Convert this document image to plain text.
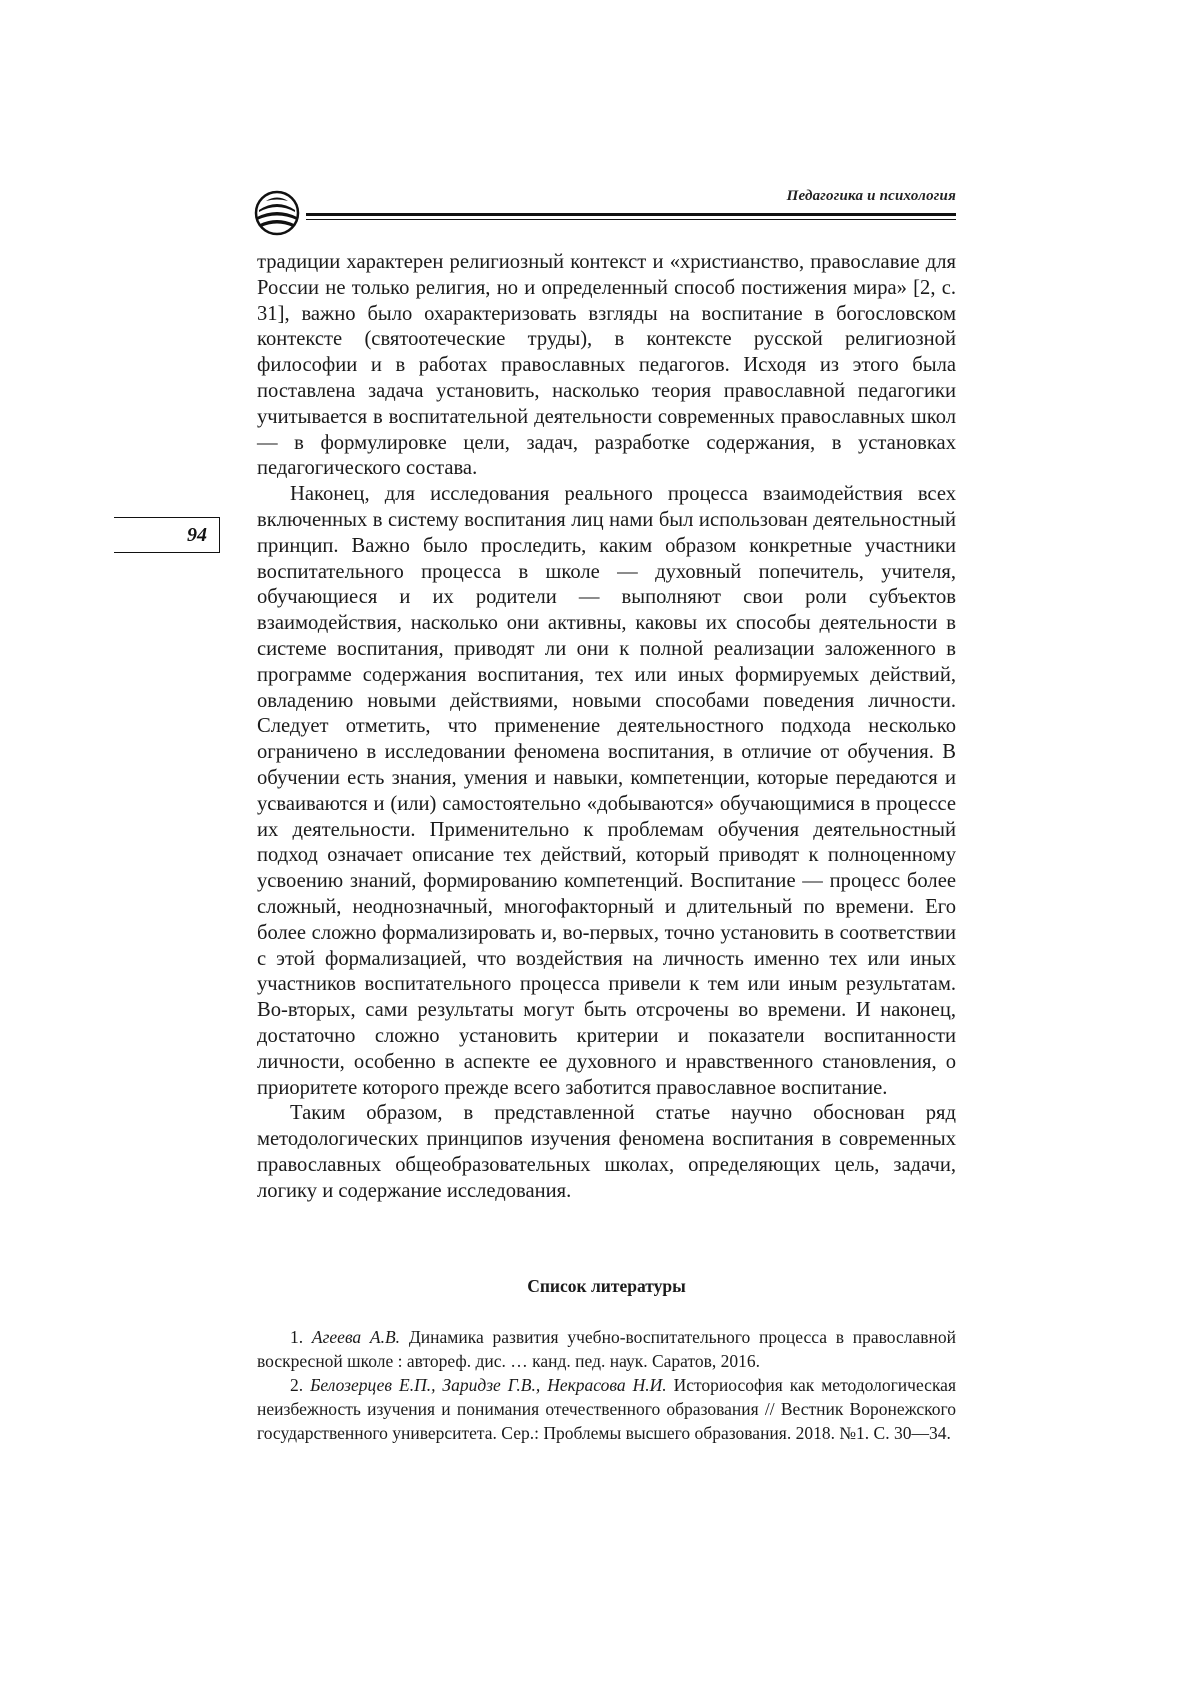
Педагогика и психология
94

традиции характерен религиозный контекст и «христианство, православие для России не только религия, но и определенный способ постижения мира» [2, с. 31], важно было охарактеризовать взгляды на воспитание в богословском контексте (святоотеческие труды), в контексте русской религиозной философии и в работах православных педагогов. Исходя из этого была поставлена задача установить, насколько теория православной педагогики учитывается в воспитательной деятельности современных православных школ — в формулировке цели, задач, разработке содержания, в установках педагогического состава.

Наконец, для исследования реального процесса взаимодействия всех включенных в систему воспитания лиц нами был использован деятельностный принцип. Важно было проследить, каким образом конкретные участники воспитательного процесса в школе — духовный попечитель, учителя, обучающиеся и их родители — выполняют свои роли субъектов взаимодействия, насколько они активны, каковы их способы деятельности в системе воспитания, приводят ли они к полной реализации заложенного в программе содержания воспитания, тех или иных формируемых действий, овладению новыми действиями, новыми способами поведения личности. Следует отметить, что применение деятельностного подхода несколько ограничено в исследовании феномена воспитания, в отличие от обучения. В обучении есть знания, умения и навыки, компетенции, которые передаются и усваиваются и (или) самостоятельно «добываются» обучающимися в процессе их деятельности. Применительно к проблемам обучения деятельностный подход означает описание тех действий, который приводят к полноценному усвоению знаний, формированию компетенций. Воспитание — процесс более сложный, неоднозначный, многофакторный и длительный по времени. Его более сложно формализировать и, во-первых, точно установить в соответствии с этой формализацией, что воздействия на личность именно тех или иных участников воспитательного процесса привели к тем или иным результатам. Во-вторых, сами результаты могут быть отсрочены во времени. И наконец, достаточно сложно установить критерии и показатели воспитанности личности, особенно в аспекте ее духовного и нравственного становления, о приоритете которого прежде всего заботится православное воспитание.

Таким образом, в представленной статье научно обоснован ряд методологических принципов изучения феномена воспитания в современных православных общеобразовательных школах, определяющих цель, задачи, логику и содержание исследования.

Список литературы

1. Агеева А.В. Динамика развития учебно-воспитательного процесса в православной воскресной школе : автореф. дис. … канд. пед. наук. Саратов, 2016.

2. Белозерцев Е.П., Заридзе Г.В., Некрасова Н.И. Историософия как методологическая неизбежность изучения и понимания отечественного образования // Вестник Воронежского государственного университета. Сер.: Проблемы высшего образования. 2018. №1. С. 30—34.
